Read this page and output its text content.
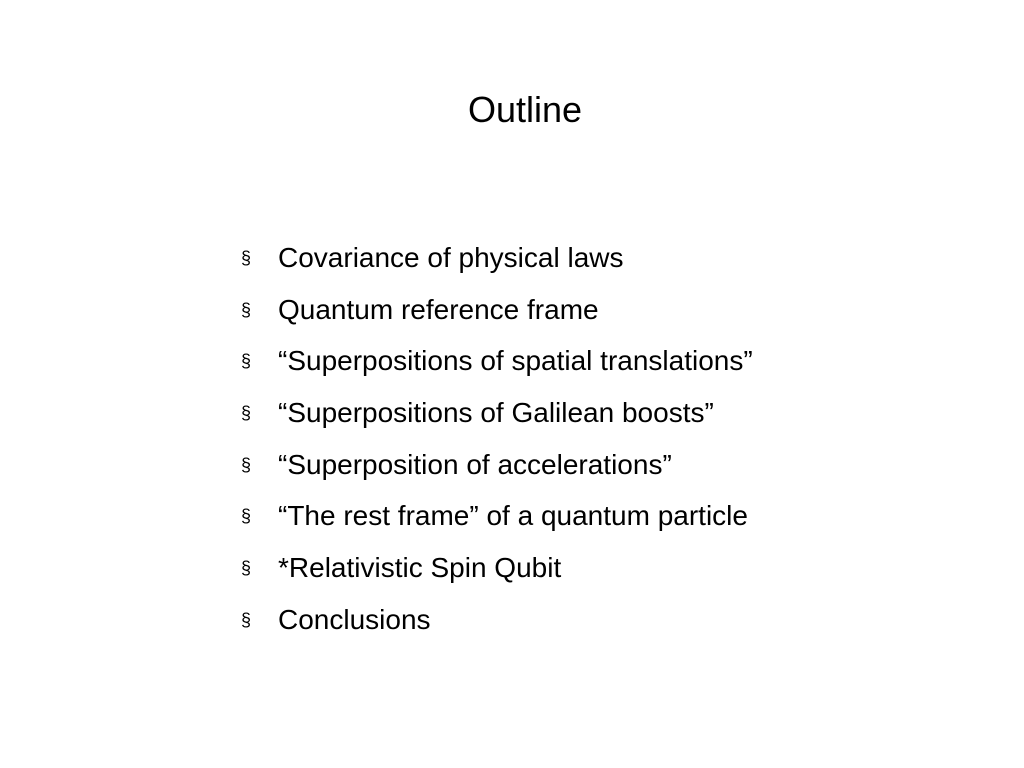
Outline
§ Covariance of physical laws
§ Quantum reference frame
§ “Superpositions of spatial translations”
§ “Superpositions of Galilean boosts”
§ “Superposition of accelerations”
§ “The rest frame” of a quantum particle
§ *Relativistic Spin Qubit
§ Conclusions
